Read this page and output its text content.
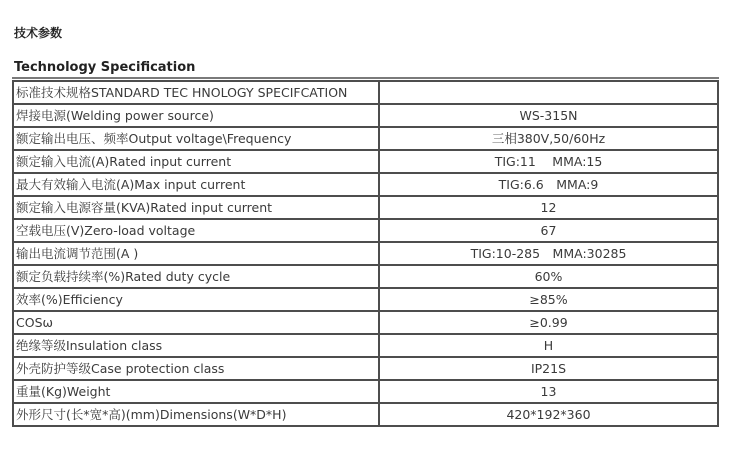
技术参数
Technology Specification
标准技术规格STANDARD TEC HNOLOGY SPECIFCATION	
焊接电源(Welding power source)	WS-315N
额定输出电压、频率Output voltage\Frequency	三相380V,50/60Hz
额定输入电流(A)Rated input current	TIG:11　 MMA:15
最大有效输入电流(A)Max input current	TIG:6.6　MMA:9
额定输入电源容量(KVA)Rated input current	12
空载电压(V)Zero-load voltage	67
输出电流调节范围(A )	TIG:10-285　MMA:30285
额定负载持续率(%)Rated duty cycle	60%
效率(%)Efficiency	≥85%
COSω	≥0.99
绝缘等级Insulation class	H
外壳防护等级Case protection class	IP21S
重量(Kg)Weight	13
外形尺寸(长*宽*高)(mm)Dimensions(W*D*H)	420*192*360
